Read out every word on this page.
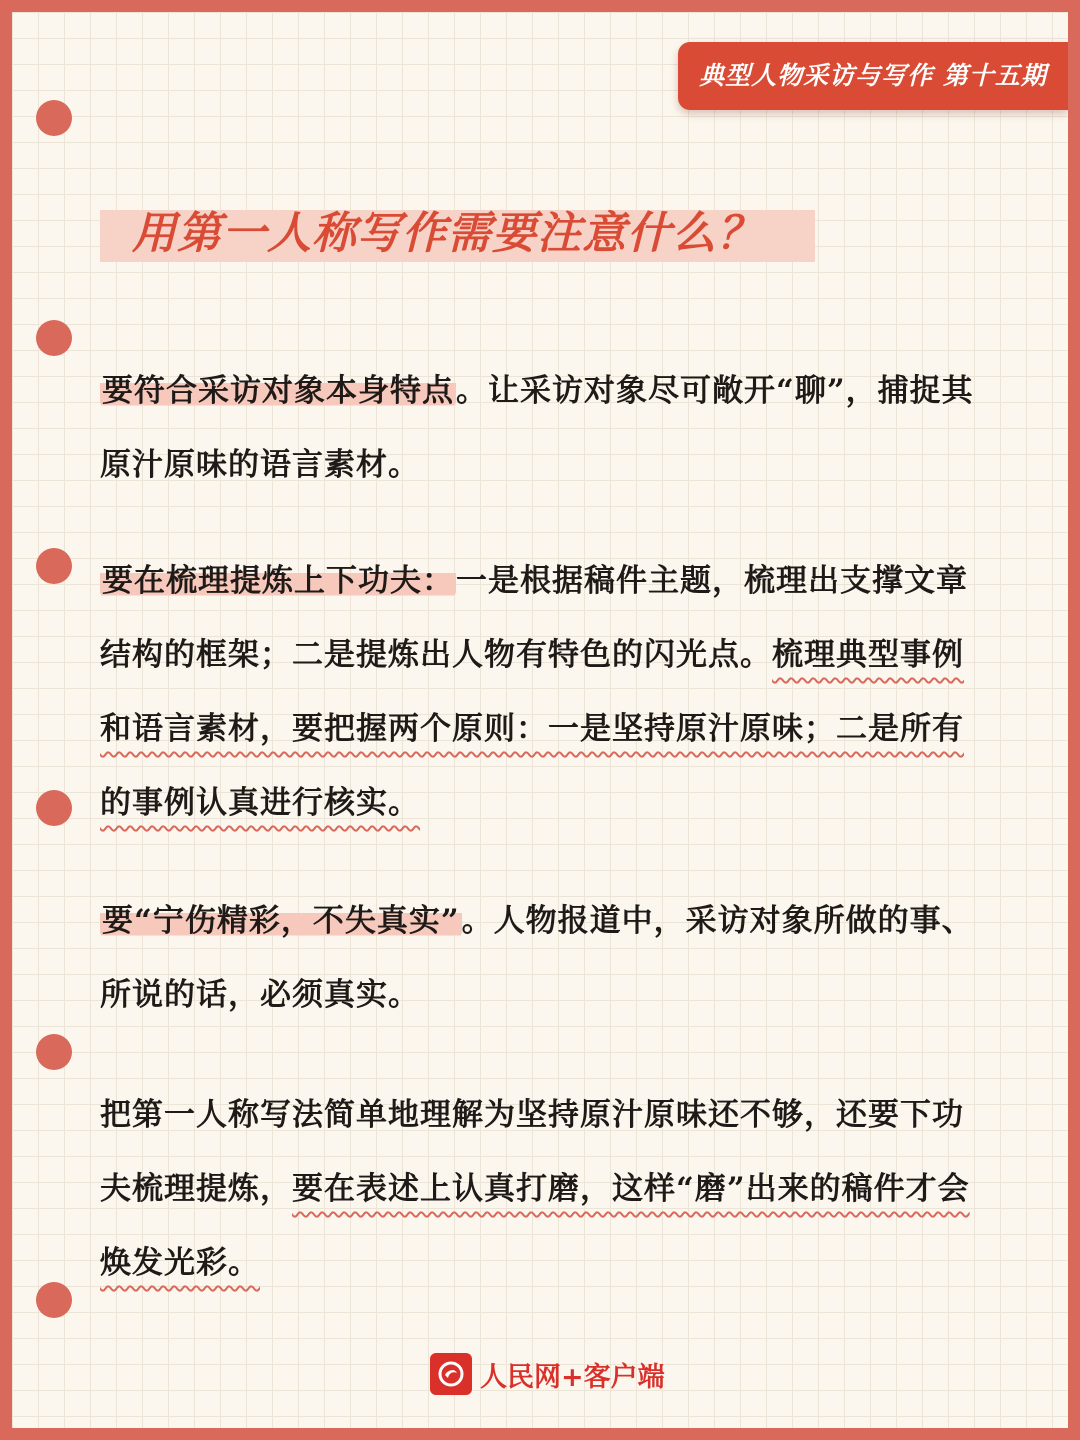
典型人物采访与写作 第十五期
用第一人称写作需要注意什么？

要符合采访对象本身特点。让采访对象尽可敞开“聊”，捕捉其原汁原味的语言素材。

要在梳理提炼上下功夫：一是根据稿件主题，梳理出支撑文章结构的框架；二是提炼出人物有特色的闪光点。梳理典型事例和语言素材，要把握两个原则：一是坚持原汁原味；二是所有的事例认真进行核实。

要“宁伤精彩，不失真实”。人物报道中，采访对象所做的事、所说的话，必须真实。

把第一人称写法简单地理解为坚持原汁原味还不够，还要下功夫梳理提炼，要在表述上认真打磨，这样“磨”出来的稿件才会焕发光彩。

人民网+客户端
